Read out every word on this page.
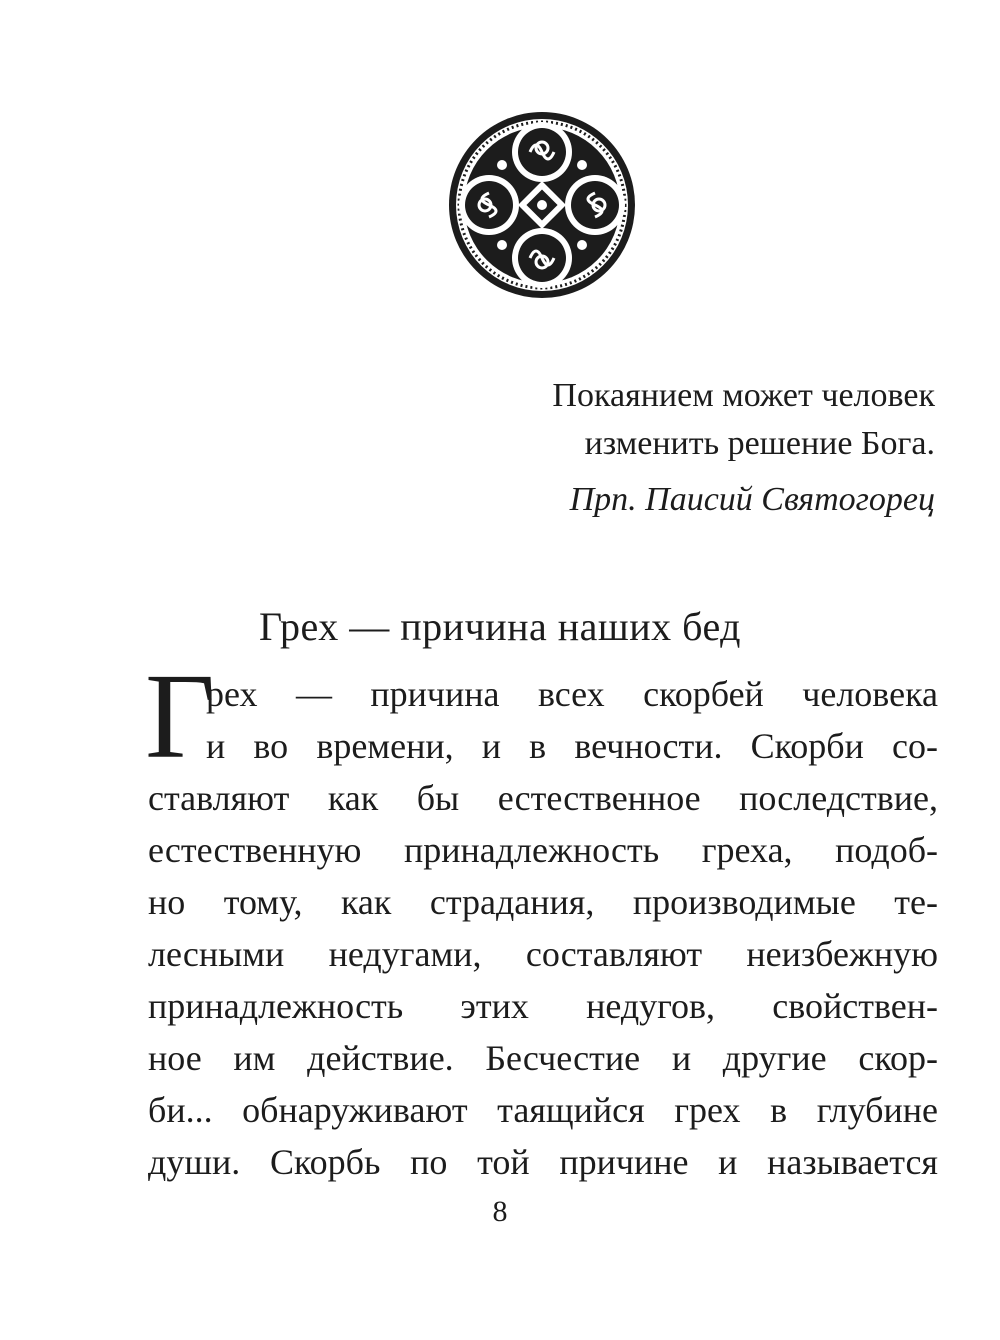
Покаянием может человек
изменить решение Бога.
Прп. Паисий Святогорец
Грех — причина наших бед
Г
рех — причина всех скорбей человека
и во времени, и в вечности. Скорби со-
ставляют как бы естественное последствие,
естественную принадлежность греха, подоб-
но тому, как страдания, производимые те-
лесными недугами, составляют неизбежную
принадлежность этих недугов, свойствен-
ное им действие. Бесчестие и другие скор-
би... обнаруживают таящийся грех в глубине
души. Скорбь по той причине и называется
8
